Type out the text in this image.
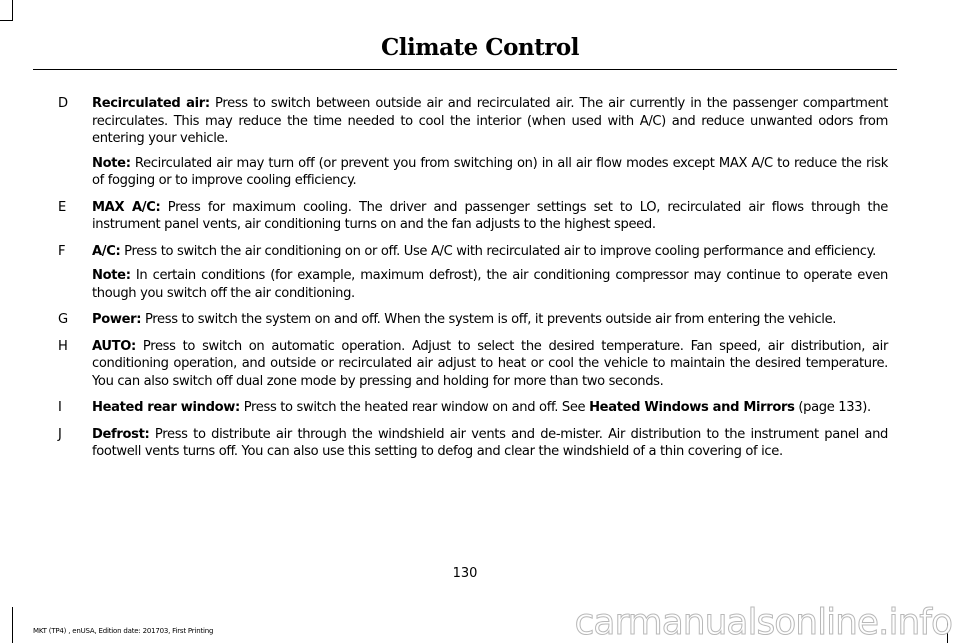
Climate Control
D Recirculated air: Press to switch between outside air and recirculated air. The air currently in the passenger compartment recirculates. This may reduce the time needed to cool the interior (when used with A/C) and reduce unwanted odors from entering your vehicle.
Note: Recirculated air may turn off (or prevent you from switching on) in all air flow modes except MAX A/C to reduce the risk of fogging or to improve cooling efficiency.
E MAX A/C: Press for maximum cooling. The driver and passenger settings set to LO, recirculated air flows through the instrument panel vents, air conditioning turns on and the fan adjusts to the highest speed.
F A/C: Press to switch the air conditioning on or off. Use A/C with recirculated air to improve cooling performance and efficiency.
Note: In certain conditions (for example, maximum defrost), the air conditioning compressor may continue to operate even though you switch off the air conditioning.
G Power: Press to switch the system on and off. When the system is off, it prevents outside air from entering the vehicle.
H AUTO: Press to switch on automatic operation. Adjust to select the desired temperature. Fan speed, air distribution, air conditioning operation, and outside or recirculated air adjust to heat or cool the vehicle to maintain the desired temperature. You can also switch off dual zone mode by pressing and holding for more than two seconds.
I Heated rear window: Press to switch the heated rear window on and off. See Heated Windows and Mirrors (page 133).
J Defrost: Press to distribute air through the windshield air vents and de-mister. Air distribution to the instrument panel and footwell vents turns off. You can also use this setting to defog and clear the windshield of a thin covering of ice.
130
MKT (TP4) , enUSA, Edition date: 201703, First Printing	carmanualsonline.info
